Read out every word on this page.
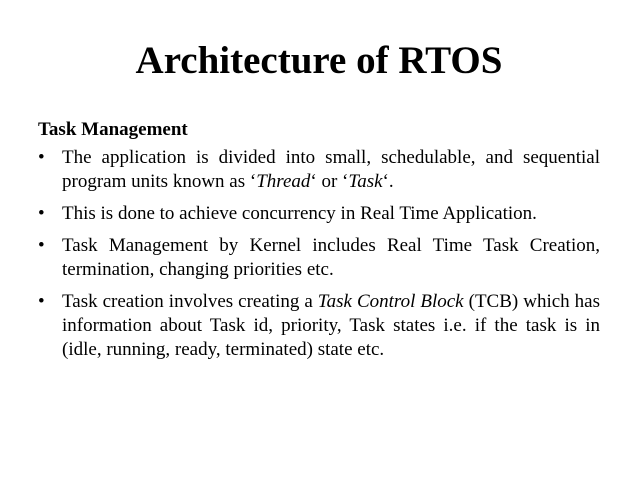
Architecture of RTOS
Task Management
• The application is divided into small, schedulable, and sequential program units known as ‘Thread‘ or ‘Task‘.
• This is done to achieve concurrency in Real Time Application.
• Task Management by Kernel includes Real Time Task Creation, termination, changing priorities etc.
• Task creation involves creating a Task Control Block (TCB) which has information about Task id, priority, Task states i.e. if the task is in (idle, running, ready, terminated) state etc.
